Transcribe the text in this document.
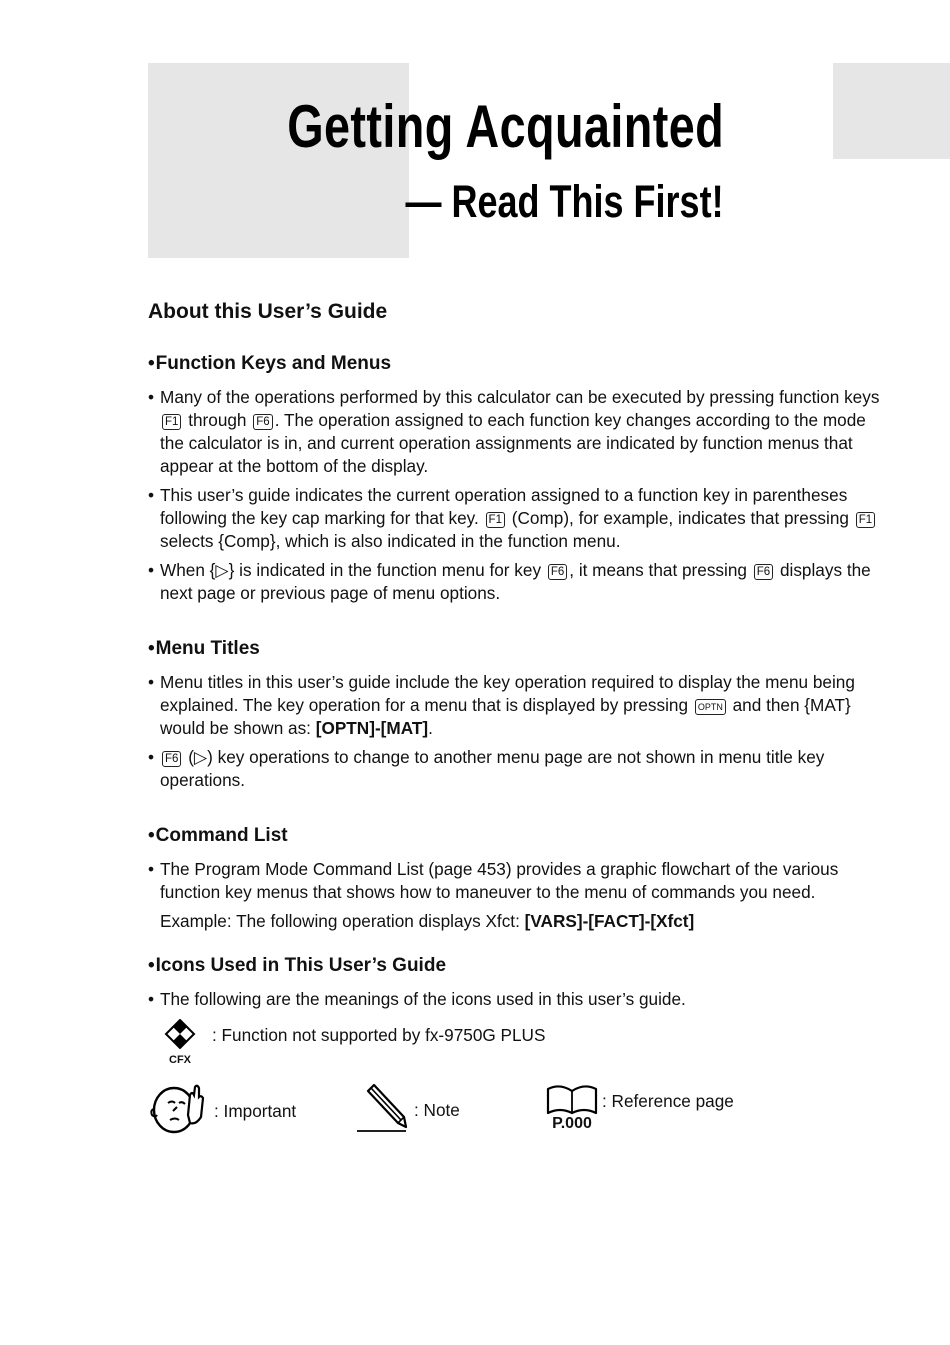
Getting Acquainted
— Read This First!
About this User’s Guide
•Function Keys and Menus

• Many of the operations performed by this calculator can be executed by pressing function keys F1 through F6 . The operation assigned to each function key changes according to the mode the calculator is in, and current operation assignments are indicated by function menus that appear at the bottom of the display.

• This user’s guide indicates the current operation assigned to a function key in parentheses following the key cap marking for that key. F1 (Comp), for example, indicates that pressing F1 selects {Comp}, which is also indicated in the function menu.

• When {▷} is indicated in the function menu for key F6 , it means that pressing F6 displays the next page or previous page of menu options.

•Menu Titles

• Menu titles in this user’s guide include the key operation required to display the menu being explained. The key operation for a menu that is displayed by pressing OPTN and then {MAT} would be shown as: [OPTN]-[MAT].

• F6 (▷) key operations to change to another menu page are not shown in menu title key operations.

•Command List

• The Program Mode Command List (page 453) provides a graphic flowchart of the various function key menus that shows how to maneuver to the menu of commands you need.

Example: The following operation displays Xfct: [VARS]-[FACT]-[Xfct]

•Icons Used in This User’s Guide

• The following are the meanings of the icons used in this user’s guide.

CFX
: Function not supported by fx-9750G PLUS
: Important	: Note
P.000
: Reference page
